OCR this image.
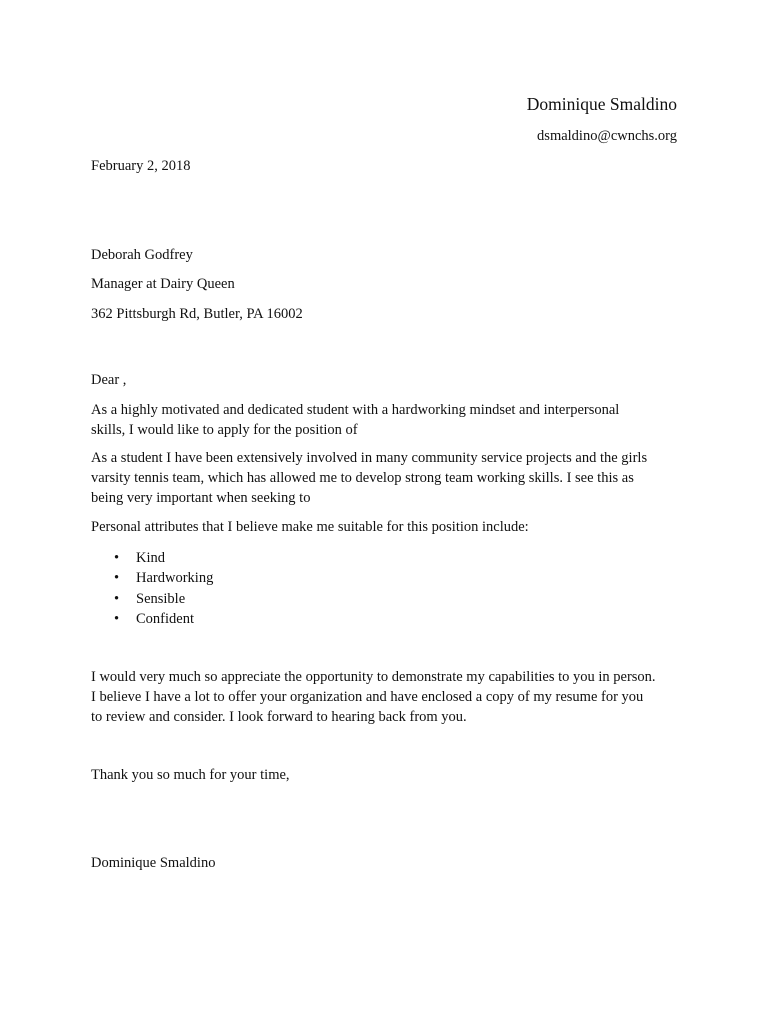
Dominique Smaldino

dsmaldino@cwnchs.org

February 2, 2018

Deborah Godfrey

Manager at Dairy Queen

362 Pittsburgh Rd, Butler, PA 16002

Dear ,

As a highly motivated and dedicated student with a hardworking mindset and interpersonal
skills, I would like to apply for the position of

As a student I have been extensively involved in many community service projects and the girls
varsity tennis team, which has allowed me to develop strong team working skills. I see this as
being very important when seeking to

Personal attributes that I believe make me suitable for this position include:

• Kind
• Hardworking
• Sensible
• Confident

I would very much so appreciate the opportunity to demonstrate my capabilities to you in person.
I believe I have a lot to offer your organization and have enclosed a copy of my resume for you
to review and consider. I look forward to hearing back from you.

Thank you so much for your time,

Dominique Smaldino
